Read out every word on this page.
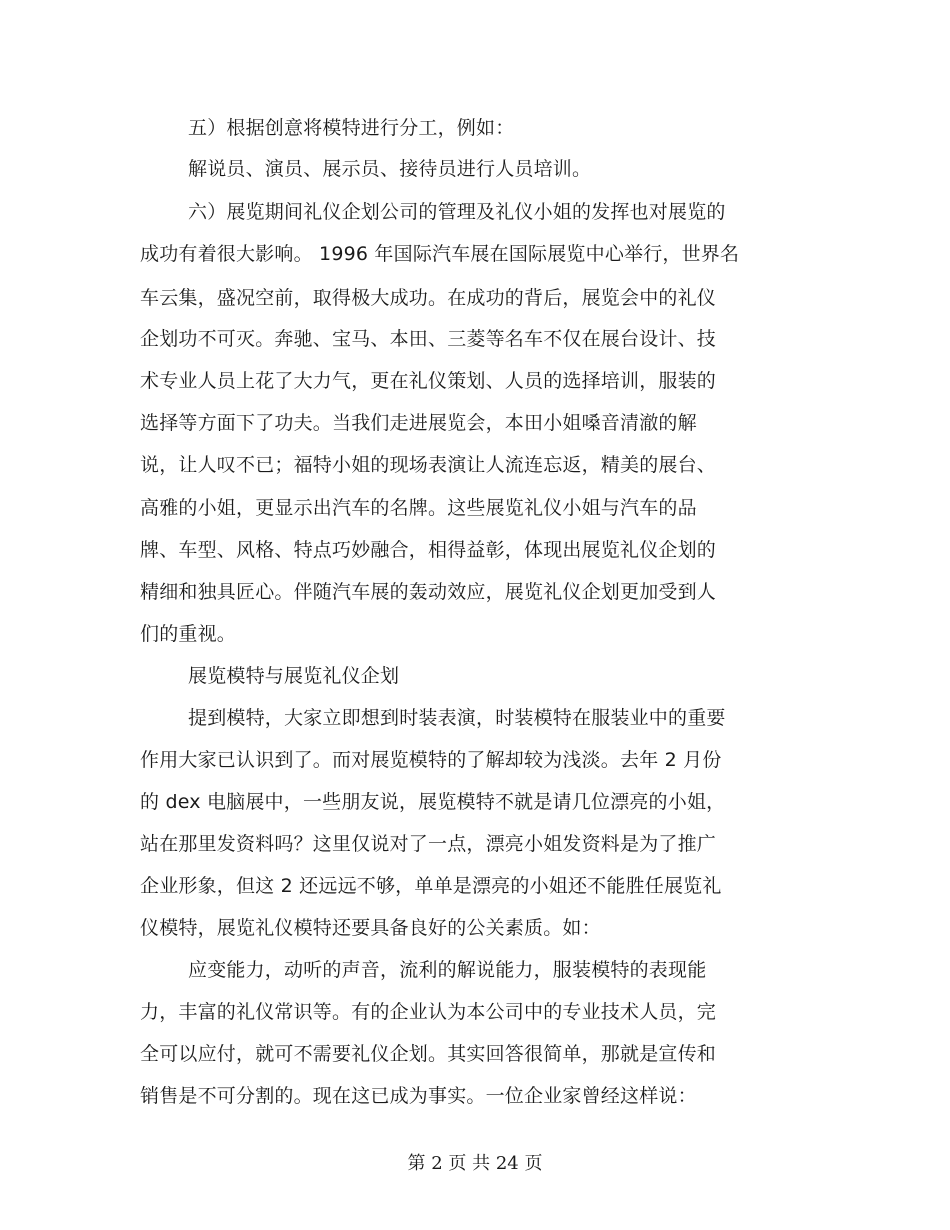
五）根据创意将模特进行分工，例如：
解说员、演员、展示员、接待员进行人员培训。
六）展览期间礼仪企划公司的管理及礼仪小姐的发挥也对展览的
成功有着很大影响。 1996 年国际汽车展在国际展览中心举行，世界名
车云集，盛况空前，取得极大成功。在成功的背后，展览会中的礼仪
企划功不可灭。奔驰、宝马、本田、三菱等名车不仅在展台设计、技
术专业人员上花了大力气，更在礼仪策划、人员的选择培训，服装的
选择等方面下了功夫。当我们走进展览会，本田小姐嗓音清澈的解
说，让人叹不已；福特小姐的现场表演让人流连忘返，精美的展台、
高雅的小姐，更显示出汽车的名牌。这些展览礼仪小姐与汽车的品
牌、车型、风格、特点巧妙融合，相得益彰，体现出展览礼仪企划的
精细和独具匠心。伴随汽车展的轰动效应，展览礼仪企划更加受到人
们的重视。
展览模特与展览礼仪企划
提到模特，大家立即想到时装表演，时装模特在服装业中的重要
作用大家已认识到了。而对展览模特的了解却较为浅淡。去年 2 月份
的 dex 电脑展中，一些朋友说，展览模特不就是请几位漂亮的小姐，
站在那里发资料吗？这里仅说对了一点，漂亮小姐发资料是为了推广
企业形象，但这 2 还远远不够，单单是漂亮的小姐还不能胜任展览礼
仪模特，展览礼仪模特还要具备良好的公关素质。如：
应变能力，动听的声音，流利的解说能力，服装模特的表现能
力，丰富的礼仪常识等。有的企业认为本公司中的专业技术人员，完
全可以应付，就可不需要礼仪企划。其实回答很简单，那就是宣传和
销售是不可分割的。现在这已成为事实。一位企业家曾经这样说：
第 2 页 共 24 页
